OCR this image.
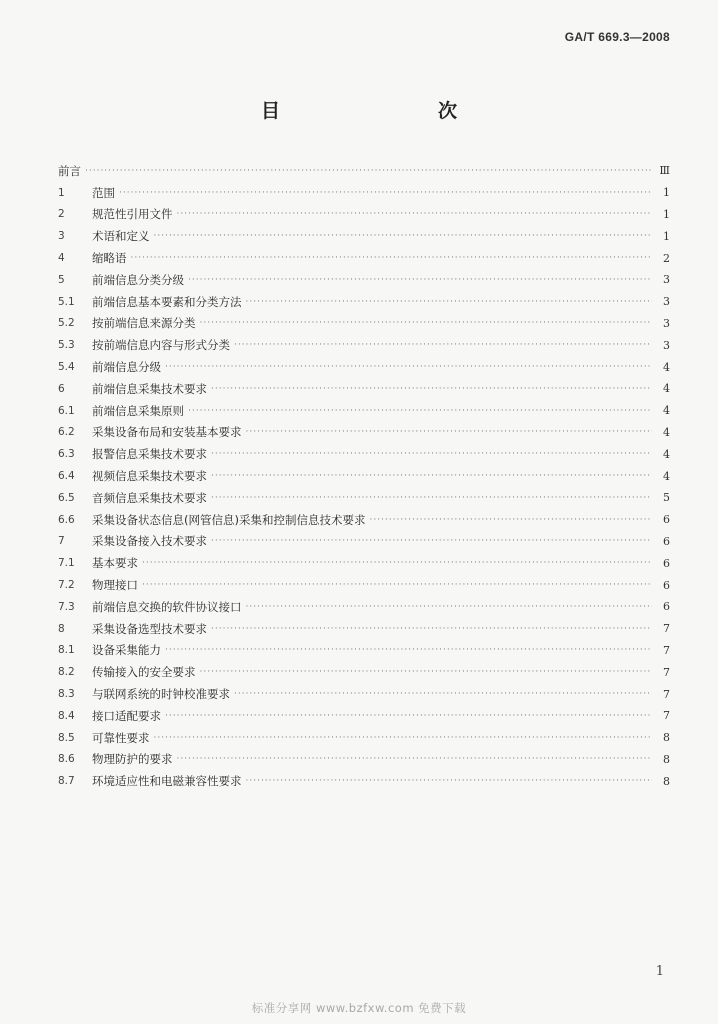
GA/T 669.3—2008
目　　次
前言 ·····	Ⅲ
1	范围 ·····	1
2	规范性引用文件 ·····	1
3	术语和定义 ·····	1
4	缩略语 ·····	2
5	前端信息分类分级 ·····	3
5.1	前端信息基本要素和分类方法 ·····	3
5.2	按前端信息来源分类 ·····	3
5.3	按前端信息内容与形式分类 ·····	3
5.4	前端信息分级 ·····	4
6	前端信息采集技术要求 ·····	4
6.1	前端信息采集原则 ·····	4
6.2	采集设备布局和安装基本要求 ·····	4
6.3	报警信息采集技术要求 ·····	4
6.4	视频信息采集技术要求 ·····	4
6.5	音频信息采集技术要求 ·····	5
6.6	采集设备状态信息(网管信息)采集和控制信息技术要求 ·····	6
7	采集设备接入技术要求 ·····	6
7.1	基本要求 ·····	6
7.2	物理接口 ·····	6
7.3	前端信息交换的软件协议接口 ·····	6
8	采集设备选型技术要求 ·····	7
8.1	设备采集能力 ·····	7
8.2	传输接入的安全要求 ·····	7
8.3	与联网系统的时钟校准要求 ·····	7
8.4	接口适配要求 ·····	7
8.5	可靠性要求 ·····	8
8.6	物理防护的要求 ·····	8
8.7	环境适应性和电磁兼容性要求 ·····	8
1
标准分享网 www.bzfxw.com 免费下载
